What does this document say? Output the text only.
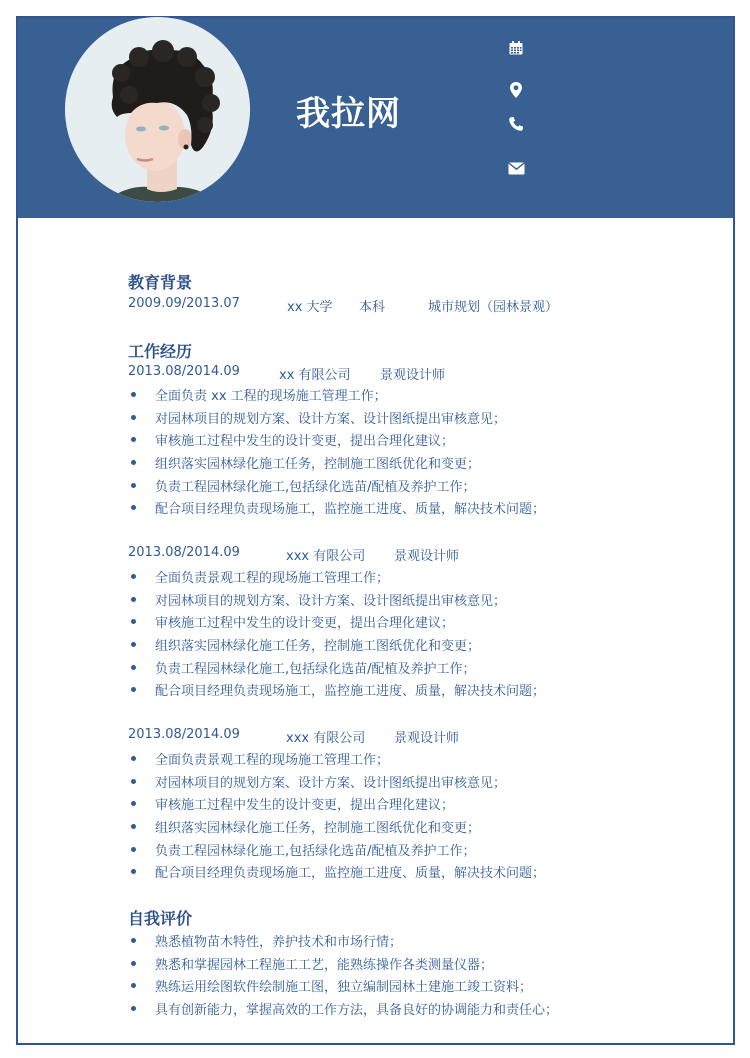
我拉网
教育背景
2009.09/2013.07	xx 大学 本科	城市规划（园林景观）
工作经历
2013.08/2014.09	xx 有限公司 景观设计师
全面负责 xx 工程的现场施工管理工作；
对园林项目的规划方案、设计方案、设计图纸提出审核意见；
审核施工过程中发生的设计变更，提出合理化建议；
组织落实园林绿化施工任务，控制施工图纸优化和变更；
负责工程园林绿化施工,包括绿化选苗/配植及养护工作；
配合项目经理负责现场施工，监控施工进度、质量，解决技术问题；
2013.08/2014.09	xxx 有限公司 景观设计师
全面负责景观工程的现场施工管理工作；
对园林项目的规划方案、设计方案、设计图纸提出审核意见；
审核施工过程中发生的设计变更，提出合理化建议；
组织落实园林绿化施工任务，控制施工图纸优化和变更；
负责工程园林绿化施工,包括绿化选苗/配植及养护工作；
配合项目经理负责现场施工，监控施工进度、质量，解决技术问题；
2013.08/2014.09	xxx 有限公司 景观设计师
全面负责景观工程的现场施工管理工作；
对园林项目的规划方案、设计方案、设计图纸提出审核意见；
审核施工过程中发生的设计变更，提出合理化建议；
组织落实园林绿化施工任务，控制施工图纸优化和变更；
负责工程园林绿化施工,包括绿化选苗/配植及养护工作；
配合项目经理负责现场施工，监控施工进度、质量，解决技术问题；
自我评价
熟悉植物苗木特性，养护技术和市场行情；
熟悉和掌握园林工程施工工艺，能熟练操作各类测量仪器；
熟练运用绘图软件绘制施工图，独立编制园林土建施工竣工资料；
具有创新能力，掌握高效的工作方法，具备良好的协调能力和责任心；
